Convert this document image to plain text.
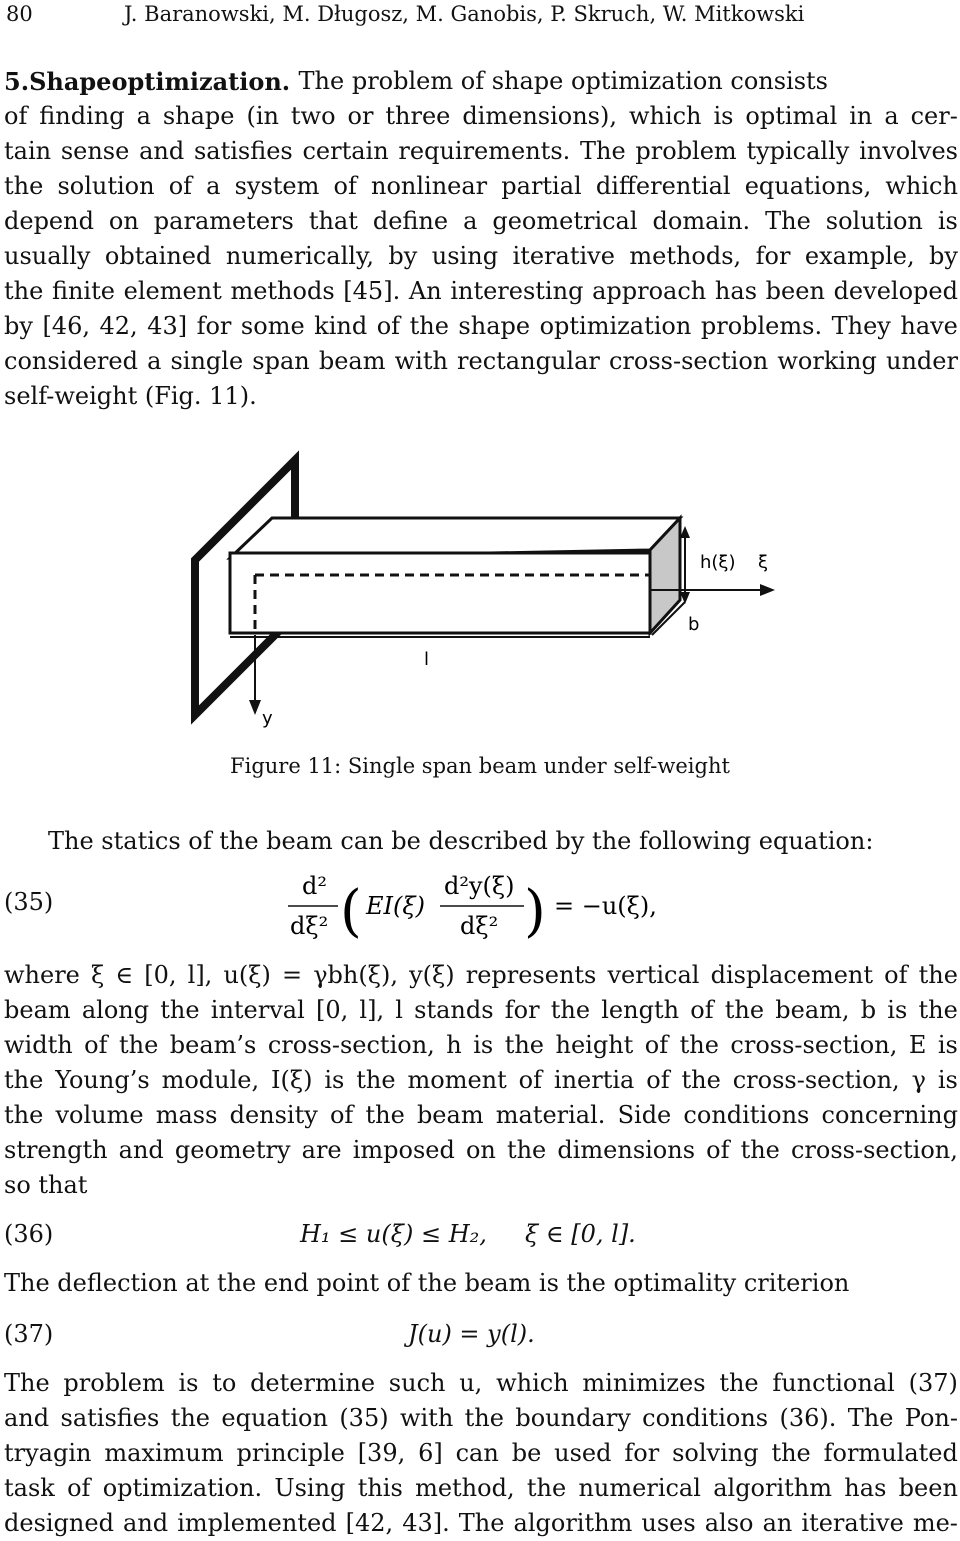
80	J. Baranowski, M. Długosz, M. Ganobis, P. Skruch, W. Mitkowski
5.Shapeoptimization. The problem of shape optimization consists
of finding a shape (in two or three dimensions), which is optimal in a cer-
tain sense and satisfies certain requirements. The problem typically involves
the solution of a system of nonlinear partial differential equations, which
depend on parameters that define a geometrical domain. The solution is
usually obtained numerically, by using iterative methods, for example, by
the finite element methods [45]. An interesting approach has been developed
by [46, 42, 43] for some kind of the shape optimization problems. They have
considered a single span beam with rectangular cross-section working under
self-weight (Fig. 11).
h(ξ) ξ
b
l
y
Figure 11: Single span beam under self-weight
The statics of the beam can be described by the following equation:
(35)
d²
dξ² ( EI(ξ)
d²y(ξ)
dξ² ) = −u(ξ),
where ξ ∈ [0, l], u(ξ) = γbh(ξ), y(ξ) represents vertical displacement of the
beam along the interval [0, l], l stands for the length of the beam, b is the
width of the beam’s cross-section, h is the height of the cross-section, E is
the Young’s module, I(ξ) is the moment of inertia of the cross-section, γ is
the volume mass density of the beam material. Side conditions concerning
strength and geometry are imposed on the dimensions of the cross-section,
so that
(36)	H₁ ≤ u(ξ) ≤ H₂,     ξ ∈ [0, l].
The deflection at the end point of the beam is the optimality criterion
(37)	J(u) = y(l).
The problem is to determine such u, which minimizes the functional (37)
and satisfies the equation (35) with the boundary conditions (36). The Pon-
tryagin maximum principle [39, 6] can be used for solving the formulated
task of optimization. Using this method, the numerical algorithm has been
designed and implemented [42, 43]. The algorithm uses also an iterative me-
